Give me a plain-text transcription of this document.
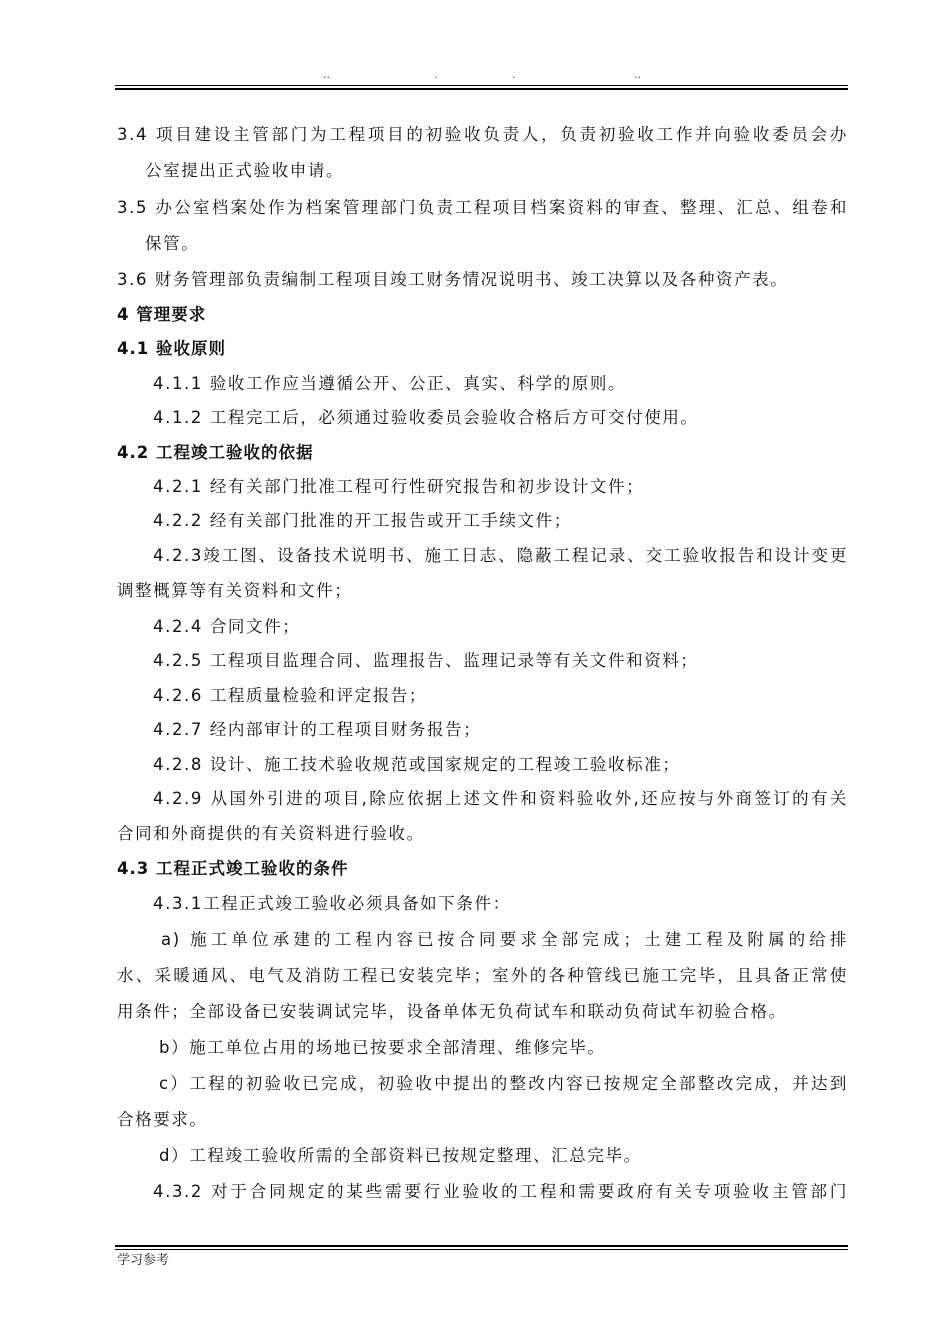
..	.	.	..
3.4 项目建设主管部门为工程项目的初验收负责人，负责初验收工作并向验收委员会办
公室提出正式验收申请。
3.5 办公室档案处作为档案管理部门负责工程项目档案资料的审查、整理、汇总、组卷和
保管。
3.6 财务管理部负责编制工程项目竣工财务情况说明书、竣工决算以及各种资产表。
4 管理要求
4.1 验收原则
4.1.1 验收工作应当遵循公开、公正、真实、科学的原则。
4.1.2 工程完工后，必须通过验收委员会验收合格后方可交付使用。
4.2 工程竣工验收的依据
4.2.1 经有关部门批准工程可行性研究报告和初步设计文件；
4.2.2 经有关部门批准的开工报告或开工手续文件；
4.2.3竣工图、设备技术说明书、施工日志、隐蔽工程记录、交工验收报告和设计变更
调整概算等有关资料和文件；
4.2.4 合同文件；
4.2.5 工程项目监理合同、监理报告、监理记录等有关文件和资料；
4.2.6 工程质量检验和评定报告；
4.2.7 经内部审计的工程项目财务报告；
4.2.8 设计、施工技术验收规范或国家规定的工程竣工验收标准；
4.2.9 从国外引进的项目,除应依据上述文件和资料验收外,还应按与外商签订的有关
合同和外商提供的有关资料进行验收。
4.3 工程正式竣工验收的条件
4.3.1工程正式竣工验收必须具备如下条件：
a) 施工单位承建的工程内容已按合同要求全部完成；土建工程及附属的给排
水、采暖通风、电气及消防工程已安装完毕；室外的各种管线已施工完毕，且具备正常使
用条件；全部设备已安装调试完毕，设备单体无负荷试车和联动负荷试车初验合格。
b）施工单位占用的场地已按要求全部清理、维修完毕。
c）工程的初验收已完成，初验收中提出的整改内容已按规定全部整改完成，并达到
合格要求。
d）工程竣工验收所需的全部资料已按规定整理、汇总完毕。
4.3.2 对于合同规定的某些需要行业验收的工程和需要政府有关专项验收主管部门
学习参考
